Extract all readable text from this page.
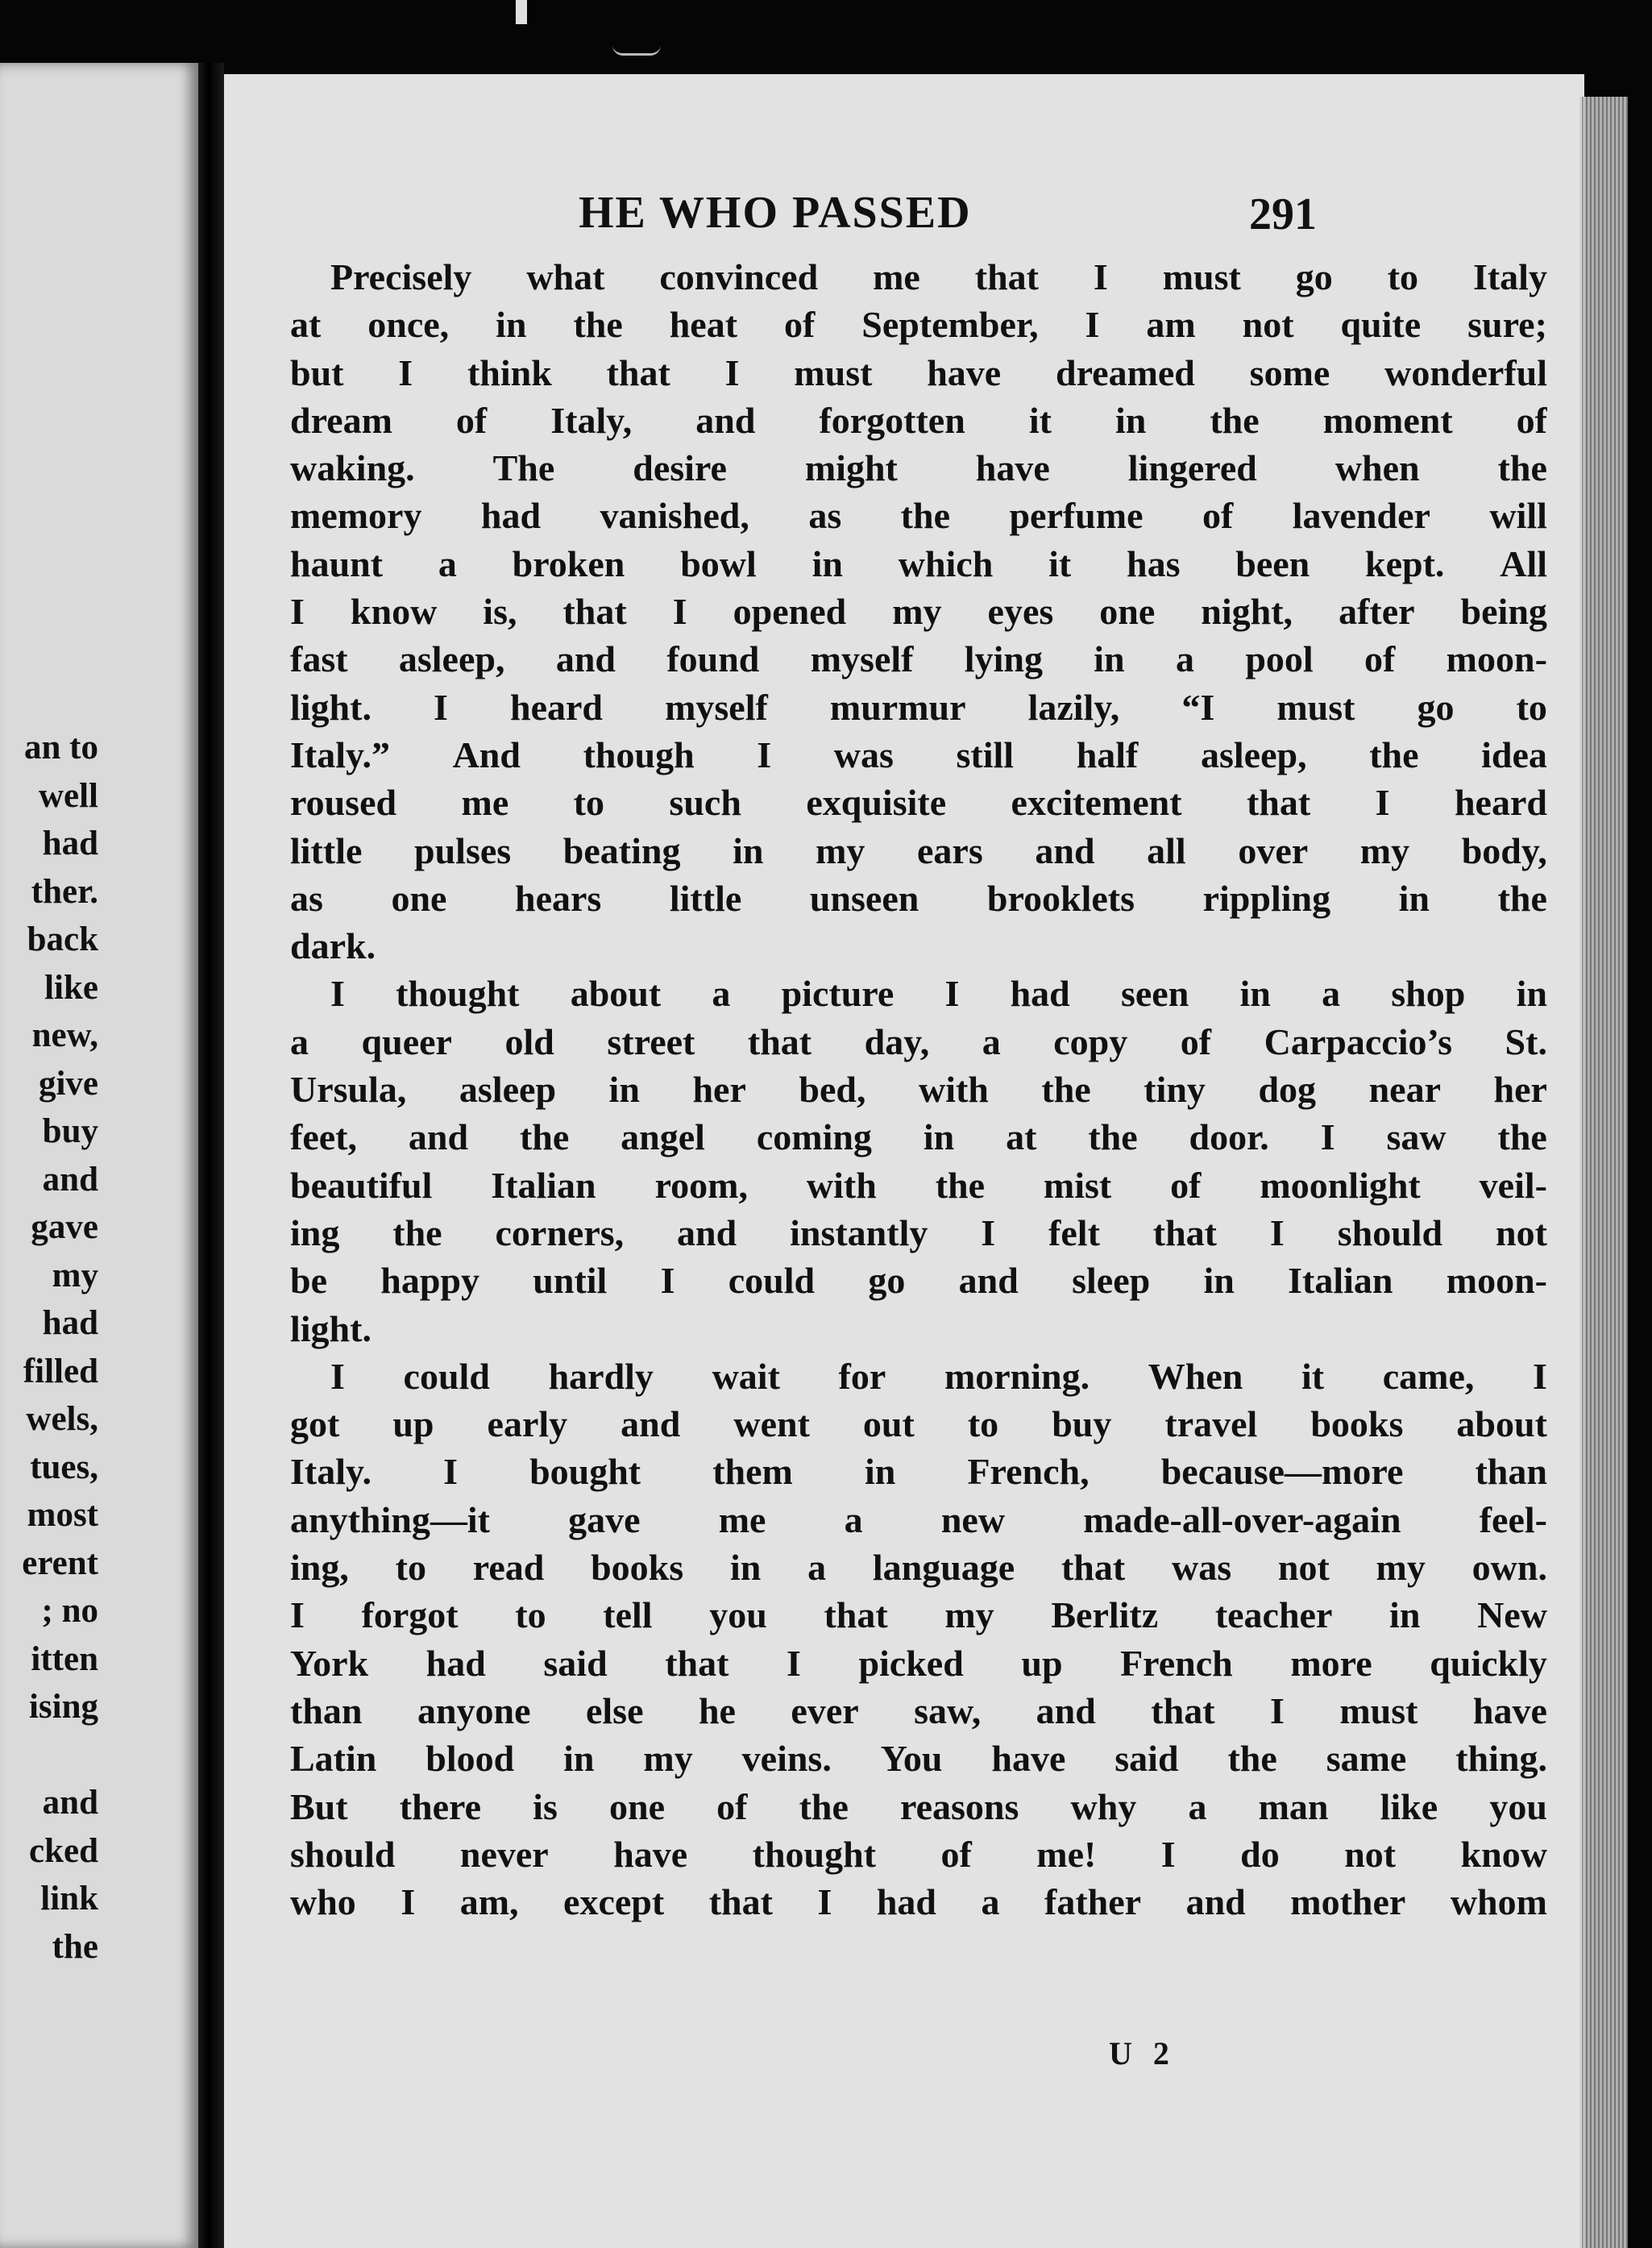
an to
well
had
ther.
back
like
new,
give
buy
and
gave
my
had
filled
wels,
tues,
most
erent
; no
itten
ising
and
cked
link
the
HE WHO PASSED	291
Precisely what convinced me that I must go to Italy
at once, in the heat of September, I am not quite sure;
but I think that I must have dreamed some wonderful
dream of Italy, and forgotten it in the moment of
waking. The desire might have lingered when the
memory had vanished, as the perfume of lavender will
haunt a broken bowl in which it has been kept. All
I know is, that I opened my eyes one night, after being
fast asleep, and found myself lying in a pool of moon-
light. I heard myself murmur lazily, “I must go to
Italy.” And though I was still half asleep, the idea
roused me to such exquisite excitement that I heard
little pulses beating in my ears and all over my body,
as one hears little unseen brooklets rippling in the
dark.
I thought about a picture I had seen in a shop in
a queer old street that day, a copy of Carpaccio’s St.
Ursula, asleep in her bed, with the tiny dog near her
feet, and the angel coming in at the door. I saw the
beautiful Italian room, with the mist of moonlight veil-
ing the corners, and instantly I felt that I should not
be happy until I could go and sleep in Italian moon-
light.
I could hardly wait for morning. When it came, I
got up early and went out to buy travel books about
Italy. I bought them in French, because—more than
anything—it gave me a new made-all-over-again feel-
ing, to read books in a language that was not my own.
I forgot to tell you that my Berlitz teacher in New
York had said that I picked up French more quickly
than anyone else he ever saw, and that I must have
Latin blood in my veins. You have said the same thing.
But there is one of the reasons why a man like you
should never have thought of me! I do not know
who I am, except that I had a father and mother whom
U 2
